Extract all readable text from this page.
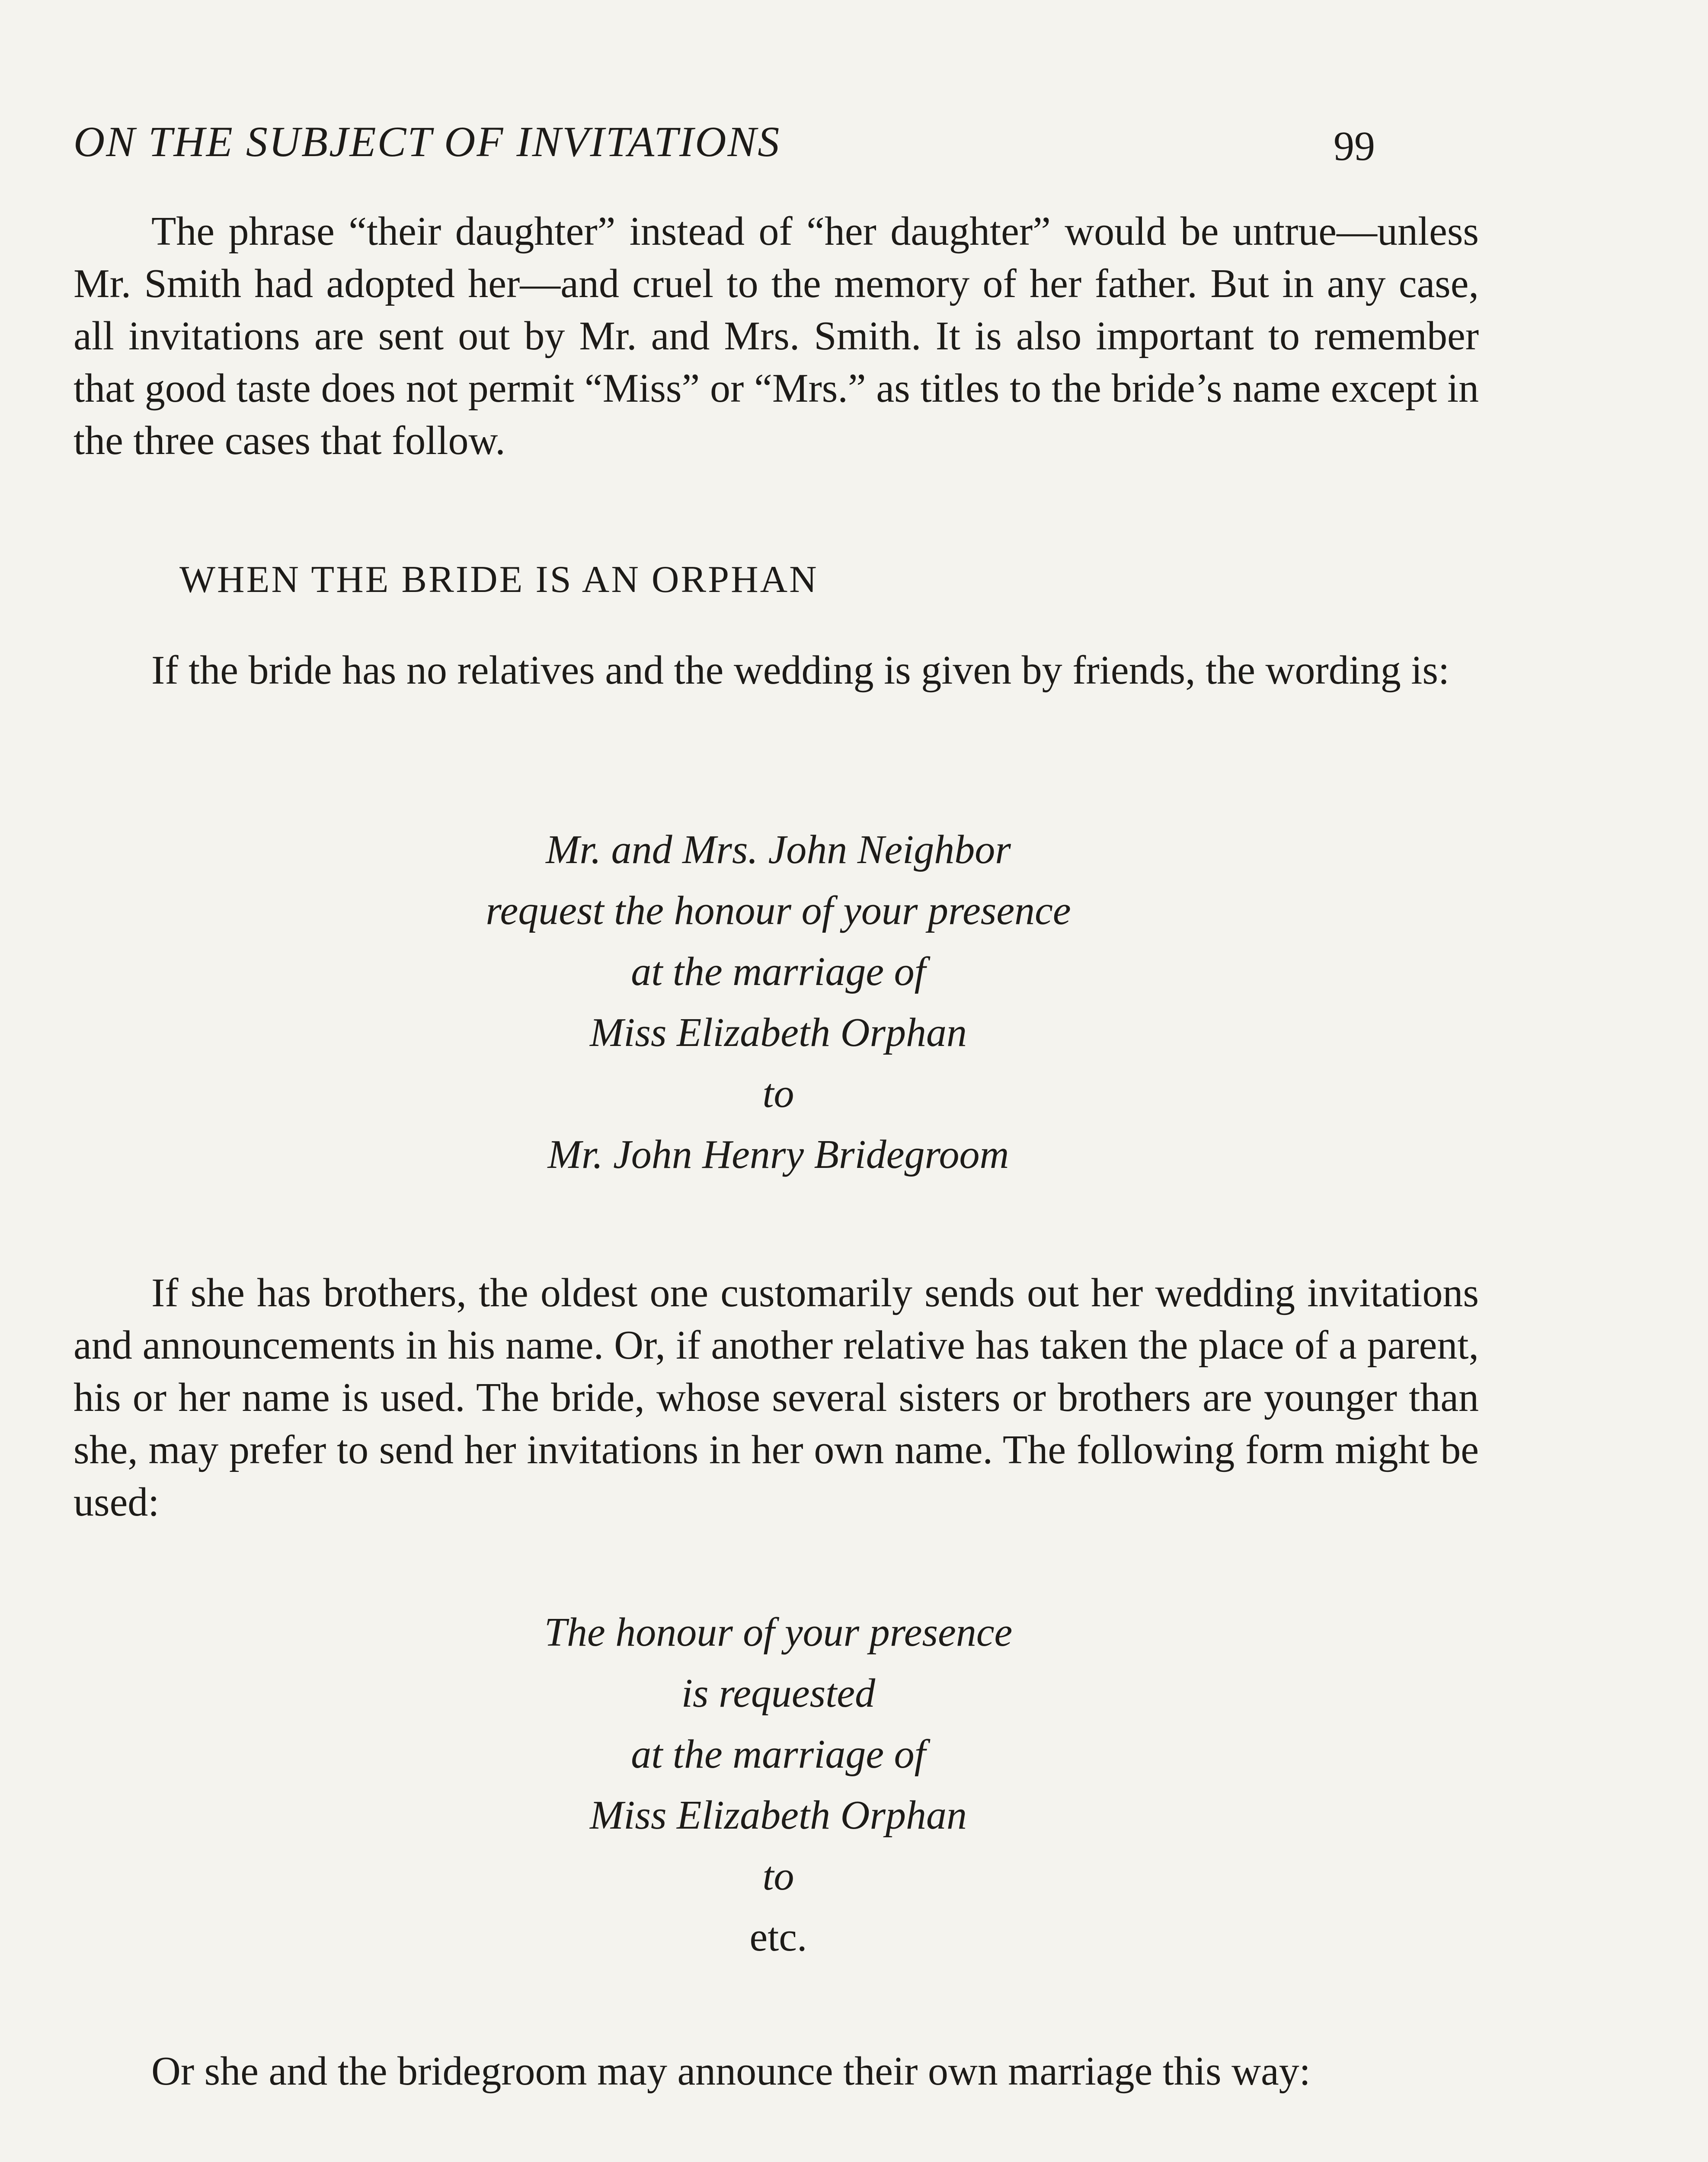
ON THE SUBJECT OF INVITATIONS	99

The phrase “their daughter” instead of “her daughter” would be untrue—unless Mr. Smith had adopted her—and cruel to the memory of her father. But in any case, all invitations are sent out by Mr. and Mrs. Smith. It is also important to remember that good taste does not permit “Miss” or “Mrs.” as titles to the bride’s name except in the three cases that follow.

WHEN THE BRIDE IS AN ORPHAN

If the bride has no relatives and the wedding is given by friends, the wording is:

Mr. and Mrs. John Neighbor
request the honour of your presence
at the marriage of
Miss Elizabeth Orphan
to
Mr. John Henry Bridegroom

If she has brothers, the oldest one customarily sends out her wedding invitations and announcements in his name. Or, if another relative has taken the place of a parent, his or her name is used. The bride, whose several sisters or brothers are younger than she, may prefer to send her invitations in her own name. The following form might be used:

The honour of your presence
is requested
at the marriage of
Miss Elizabeth Orphan
to
etc.

Or she and the bridegroom may announce their own marriage this way:
